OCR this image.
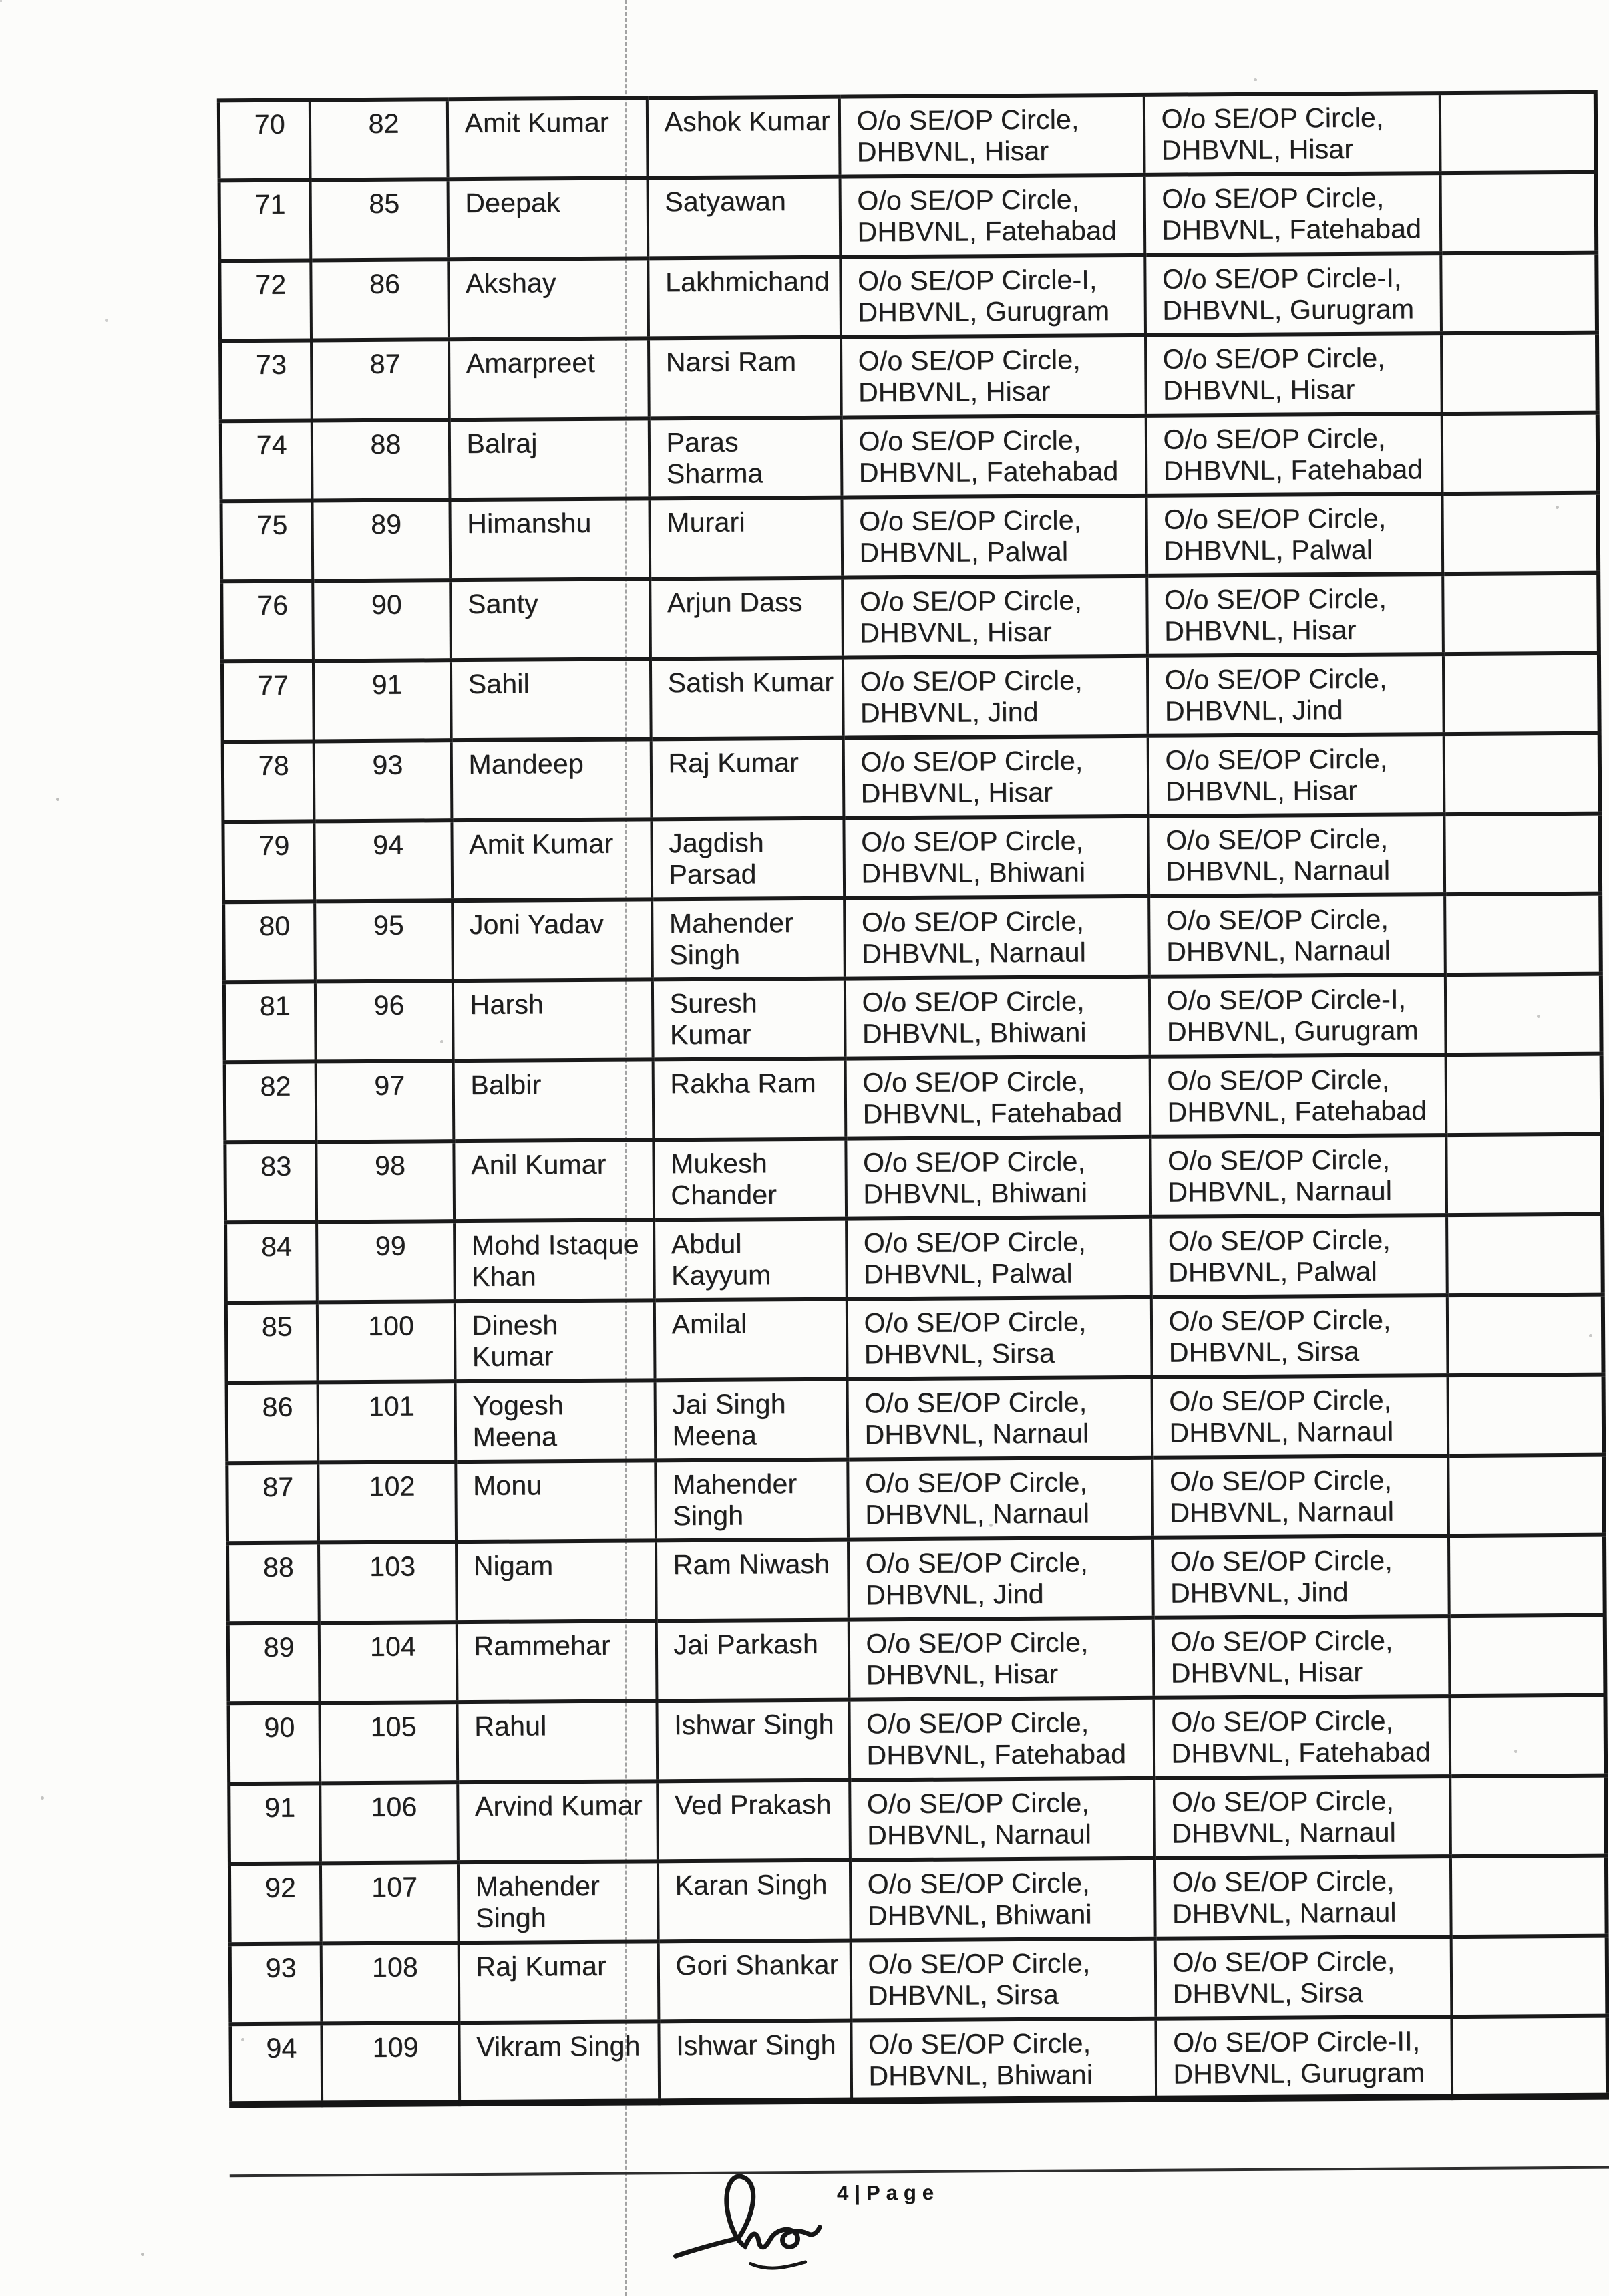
70	82	Amit Kumar	Ashok Kumar	O/o SE/OP Circle,
DHBVNL, Hisar	O/o SE/OP Circle,
DHBVNL, Hisar	
71	85	Deepak	Satyawan	O/o SE/OP Circle,
DHBVNL, Fatehabad	O/o SE/OP Circle,
DHBVNL, Fatehabad	
72	86	Akshay	Lakhmichand	O/o SE/OP Circle-I,
DHBVNL, Gurugram	O/o SE/OP Circle-I,
DHBVNL, Gurugram	
73	87	Amarpreet	Narsi Ram	O/o SE/OP Circle,
DHBVNL, Hisar	O/o SE/OP Circle,
DHBVNL, Hisar	
74	88	Balraj	Paras
Sharma	O/o SE/OP Circle,
DHBVNL, Fatehabad	O/o SE/OP Circle,
DHBVNL, Fatehabad	
75	89	Himanshu	Murari	O/o SE/OP Circle,
DHBVNL, Palwal	O/o SE/OP Circle,
DHBVNL, Palwal	
76	90	Santy	Arjun Dass	O/o SE/OP Circle,
DHBVNL, Hisar	O/o SE/OP Circle,
DHBVNL, Hisar	
77	91	Sahil	Satish Kumar	O/o SE/OP Circle,
DHBVNL, Jind	O/o SE/OP Circle,
DHBVNL, Jind	
78	93	Mandeep	Raj Kumar	O/o SE/OP Circle,
DHBVNL, Hisar	O/o SE/OP Circle,
DHBVNL, Hisar	
79	94	Amit Kumar	Jagdish
Parsad	O/o SE/OP Circle,
DHBVNL, Bhiwani	O/o SE/OP Circle,
DHBVNL, Narnaul	
80	95	Joni Yadav	Mahender
Singh	O/o SE/OP Circle,
DHBVNL, Narnaul	O/o SE/OP Circle,
DHBVNL, Narnaul	
81	96	Harsh	Suresh
Kumar	O/o SE/OP Circle,
DHBVNL, Bhiwani	O/o SE/OP Circle-I,
DHBVNL, Gurugram	
82	97	Balbir	Rakha Ram	O/o SE/OP Circle,
DHBVNL, Fatehabad	O/o SE/OP Circle,
DHBVNL, Fatehabad	
83	98	Anil Kumar	Mukesh
Chander	O/o SE/OP Circle,
DHBVNL, Bhiwani	O/o SE/OP Circle,
DHBVNL, Narnaul	
84	99	Mohd Istaque
Khan	Abdul
Kayyum	O/o SE/OP Circle,
DHBVNL, Palwal	O/o SE/OP Circle,
DHBVNL, Palwal	
85	100	Dinesh
Kumar	Amilal	O/o SE/OP Circle,
DHBVNL, Sirsa	O/o SE/OP Circle,
DHBVNL, Sirsa	
86	101	Yogesh
Meena	Jai Singh
Meena	O/o SE/OP Circle,
DHBVNL, Narnaul	O/o SE/OP Circle,
DHBVNL, Narnaul	
87	102	Monu	Mahender
Singh	O/o SE/OP Circle,
DHBVNL, Narnaul	O/o SE/OP Circle,
DHBVNL, Narnaul	
88	103	Nigam	Ram Niwash	O/o SE/OP Circle,
DHBVNL, Jind	O/o SE/OP Circle,
DHBVNL, Jind	
89	104	Rammehar	Jai Parkash	O/o SE/OP Circle,
DHBVNL, Hisar	O/o SE/OP Circle,
DHBVNL, Hisar	
90	105	Rahul	Ishwar Singh	O/o SE/OP Circle,
DHBVNL, Fatehabad	O/o SE/OP Circle,
DHBVNL, Fatehabad	
91	106	Arvind Kumar	Ved Prakash	O/o SE/OP Circle,
DHBVNL, Narnaul	O/o SE/OP Circle,
DHBVNL, Narnaul	
92	107	Mahender
Singh	Karan Singh	O/o SE/OP Circle,
DHBVNL, Bhiwani	O/o SE/OP Circle,
DHBVNL, Narnaul	
93	108	Raj Kumar	Gori Shankar	O/o SE/OP Circle,
DHBVNL, Sirsa	O/o SE/OP Circle,
DHBVNL, Sirsa	
94	109	Vikram Singh	Ishwar Singh	O/o SE/OP Circle,
DHBVNL, Bhiwani	O/o SE/OP Circle-II,
DHBVNL, Gurugram	
4|Page
